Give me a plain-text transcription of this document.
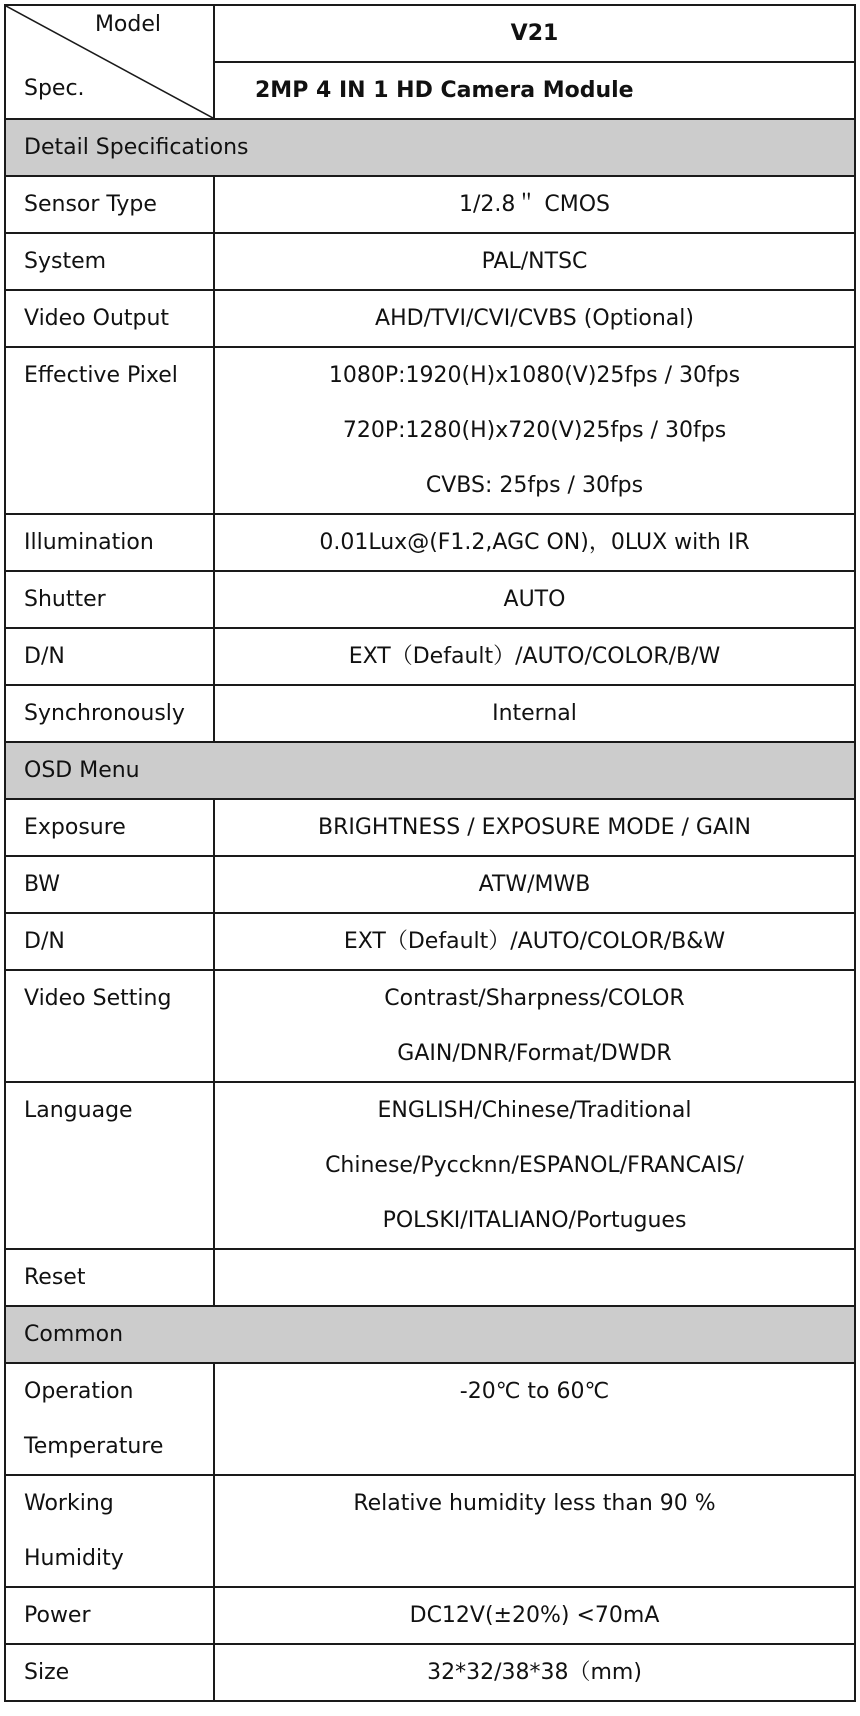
Model
Spec.	V21
	2MP 4 IN 1 HD Camera Module
Detail Specifications	
Sensor Type	1/2.8＂ CMOS
System	PAL/NTSC
Video Output	AHD/TVI/CVI/CVBS (Optional)
Effective Pixel	1080P:1920(H)x1080(V)25fps / 30fps
720P:1280(H)x720(V)25fps / 30fps
CVBS: 25fps / 30fps

Illumination	0.01Lux@(F1.2,AGC ON)，0LUX with IR
Shutter	AUTO
D/N	EXT（Default）/AUTO/COLOR/B/W
Synchronously	Internal
OSD Menu	
Exposure	BRIGHTNESS / EXPOSURE MODE / GAIN
BW	ATW/MWB
D/N	EXT（Default）/AUTO/COLOR/B&W
Video Setting	Contrast/Sharpness/COLOR
GAIN/DNR/Format/DWDR

Language	ENGLISH/Chinese/Traditional
Chinese/Pyccknn/ESPANOL/FRANCAIS/
POLSKI/ITALIANO/Portugues

Reset	
Common	

Operation
Temperature	-20℃ to 60℃

Working
Humidity	Relative humidity less than 90 %
Power	DC12V(±20%) <70mA
Size	32*32/38*38（mm)
